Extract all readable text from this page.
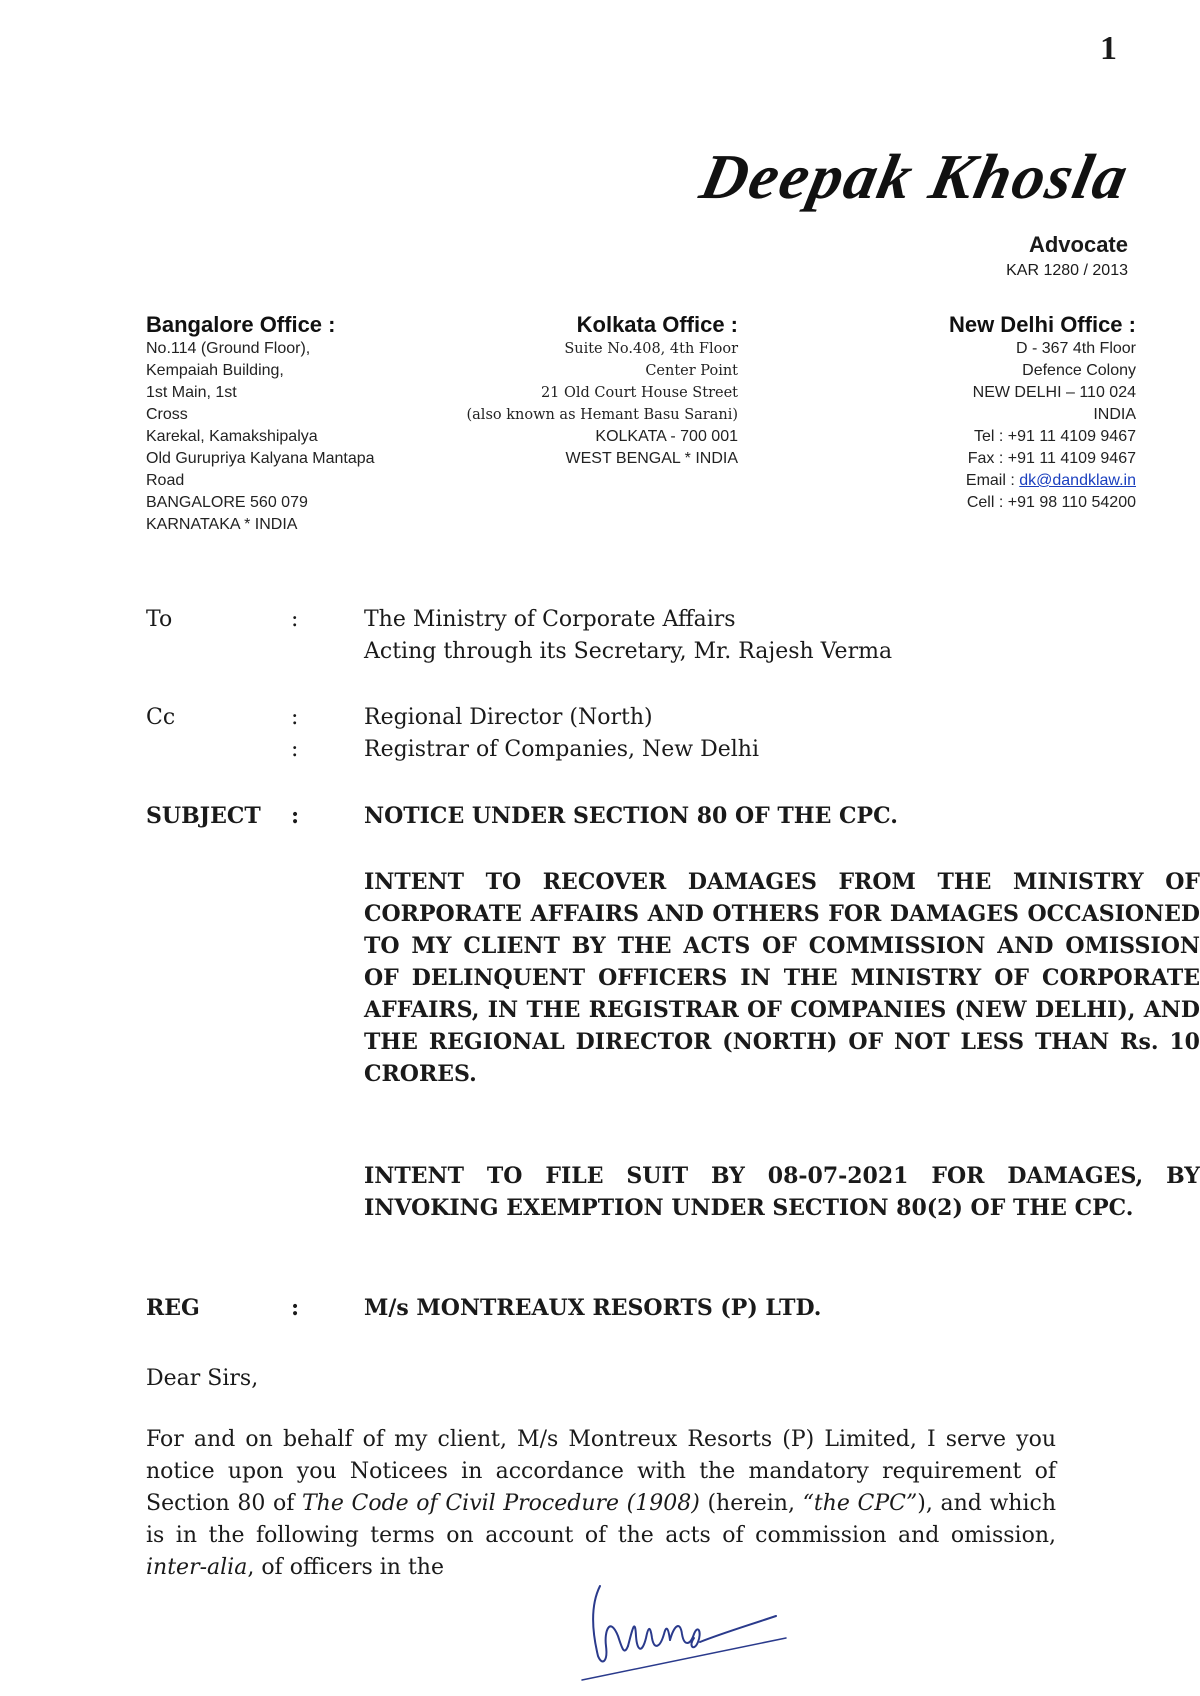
1
Deepak Khosla
Advocate
KAR 1280 / 2013
Bangalore Office :
No.114 (Ground Floor),
Kempaiah Building,
1st Main, 1st
Cross
Karekal, Kamakshipalya
Old Gurupriya Kalyana Mantapa
Road
BANGALORE 560 079
KARNATAKA * INDIA
Kolkata Office :
Suite No.408, 4th Floor
Center Point
21 Old Court House Street
(also known as Hemant Basu Sarani)
KOLKATA - 700 001
WEST BENGAL * INDIA
New Delhi Office :
D - 367 4th Floor
Defence Colony
NEW DELHI – 110 024
INDIA
Tel : +91 11 4109 9467
Fax : +91 11 4109 9467
Email : dk@dandklaw.in
Cell : +91 98 110 54200
To	:	The Ministry of Corporate Affairs
Acting through its Secretary, Mr. Rajesh Verma
Cc	:	Regional Director (North)
:	Registrar of Companies, New Delhi
SUBJECT :	NOTICE UNDER SECTION 80 OF THE CPC.
INTENT TO RECOVER DAMAGES FROM THE MINISTRY OF CORPORATE AFFAIRS AND OTHERS FOR DAMAGES OCCASIONED TO MY CLIENT BY THE ACTS OF COMMISSION AND OMISSION OF DELINQUENT OFFICERS IN THE MINISTRY OF CORPORATE AFFAIRS, IN THE REGISTRAR OF COMPANIES (NEW DELHI), AND THE REGIONAL DIRECTOR (NORTH) OF NOT LESS THAN Rs. 10 CRORES.
INTENT TO FILE SUIT BY 08-07-2021 FOR DAMAGES, BY INVOKING EXEMPTION UNDER SECTION 80(2) OF THE CPC.
REG	:	M/s MONTREAUX RESORTS (P) LTD.
Dear Sirs,
For and on behalf of my client, M/s Montreux Resorts (P) Limited, I serve you notice upon you Noticees in accordance with the mandatory requirement of Section 80 of The Code of Civil Procedure (1908) (herein, “the CPC”), and which is in the following terms on account of the acts of commission and omission, inter-alia, of officers in the
